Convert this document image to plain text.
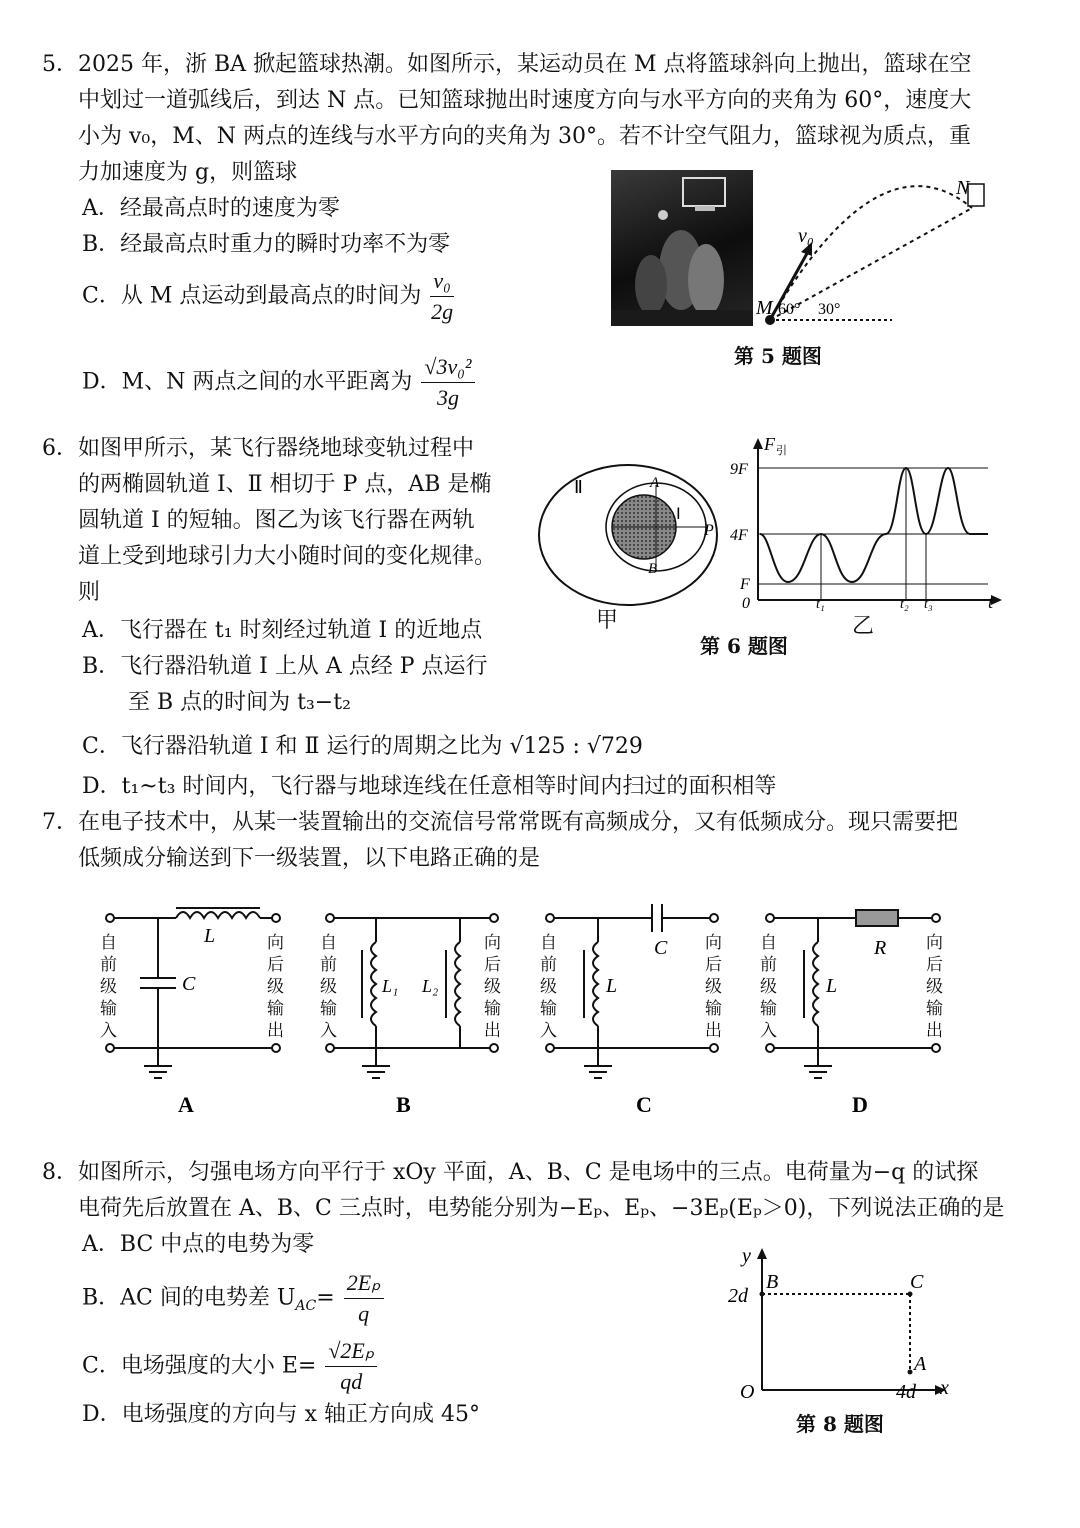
5．2025 年，浙 BA 掀起篮球热潮。如图所示，某运动员在 M 点将篮球斜向上抛出，篮球在空
中划过一道弧线后，到达 N 点。已知篮球抛出时速度方向与水平方向的夹角为 60°，速度大
小为 v₀，M、N 两点的连线与水平方向的夹角为 30°。若不计空气阻力，篮球视为质点，重
力加速度为 g，则篮球
A．经最高点时的速度为零
B．经最高点时重力的瞬时功率不为零
C．从 M 点运动到最高点的时间为 $\frac{\text{v₀}}{2g}$
D．M、N 两点之间的水平距离为 $\frac{\text{√3v₀²}}{3g}$
v₀
N
M 60° 30°
第 5 题图
6．如图甲所示，某飞行器绕地球变轨过程中
的两椭圆轨道 Ⅰ、Ⅱ 相切于 P 点，AB 是椭
圆轨道 Ⅰ 的短轴。图乙为该飞行器在两轨
道上受到地球引力大小随时间的变化规律。
则
A．飞行器在 t₁ 时刻经过轨道 Ⅰ 的近地点
B．飞行器沿轨道 Ⅰ 上从 A 点经 P 点运行
至 B 点的时间为 t₃−t₂
C．飞行器沿轨道 Ⅰ 和 Ⅱ 运行的周期之比为 √125 : √729
D．t₁~t₃ 时间内，飞行器与地球连线在任意相等时间内扫过的面积相等
Ⅱ
Ⅰ
A
B
P
甲
F 引
9F
4F
F
0	t₁	t₂ t₃	t
乙
第 6 题图
7．在电子技术中，从某一装置输出的交流信号常常既有高频成分，又有低频成分。现只需要把
低频成分输送到下一级装置，以下电路正确的是
L
C	L₁ L₂
C
L
R
L
A	B	C	D
自前级输入
向后级输出
自前级输入
向后级输出
自前级输入
向后级输出
自前级输入
向后级输出
8．如图所示，匀强电场方向平行于 xOy 平面，A、B、C 是电场中的三点。电荷量为−q 的试探
电荷先后放置在 A、B、C 三点时，电势能分别为−Eₚ、Eₚ、−3Eₚ(Eₚ＞0)，下列说法正确的是
A．BC 中点的电势为零
B．AC 间的电势差 $U_{AC}= \frac{\text{2Eₚ}}{q}$
C．电场强度的大小 $E= \frac{\text{√2Eₚ}}{qd}$
D．电场强度的方向与 x 轴正方向成 45°
y
B	C
A
2d
O	4d x
第 8 题图
